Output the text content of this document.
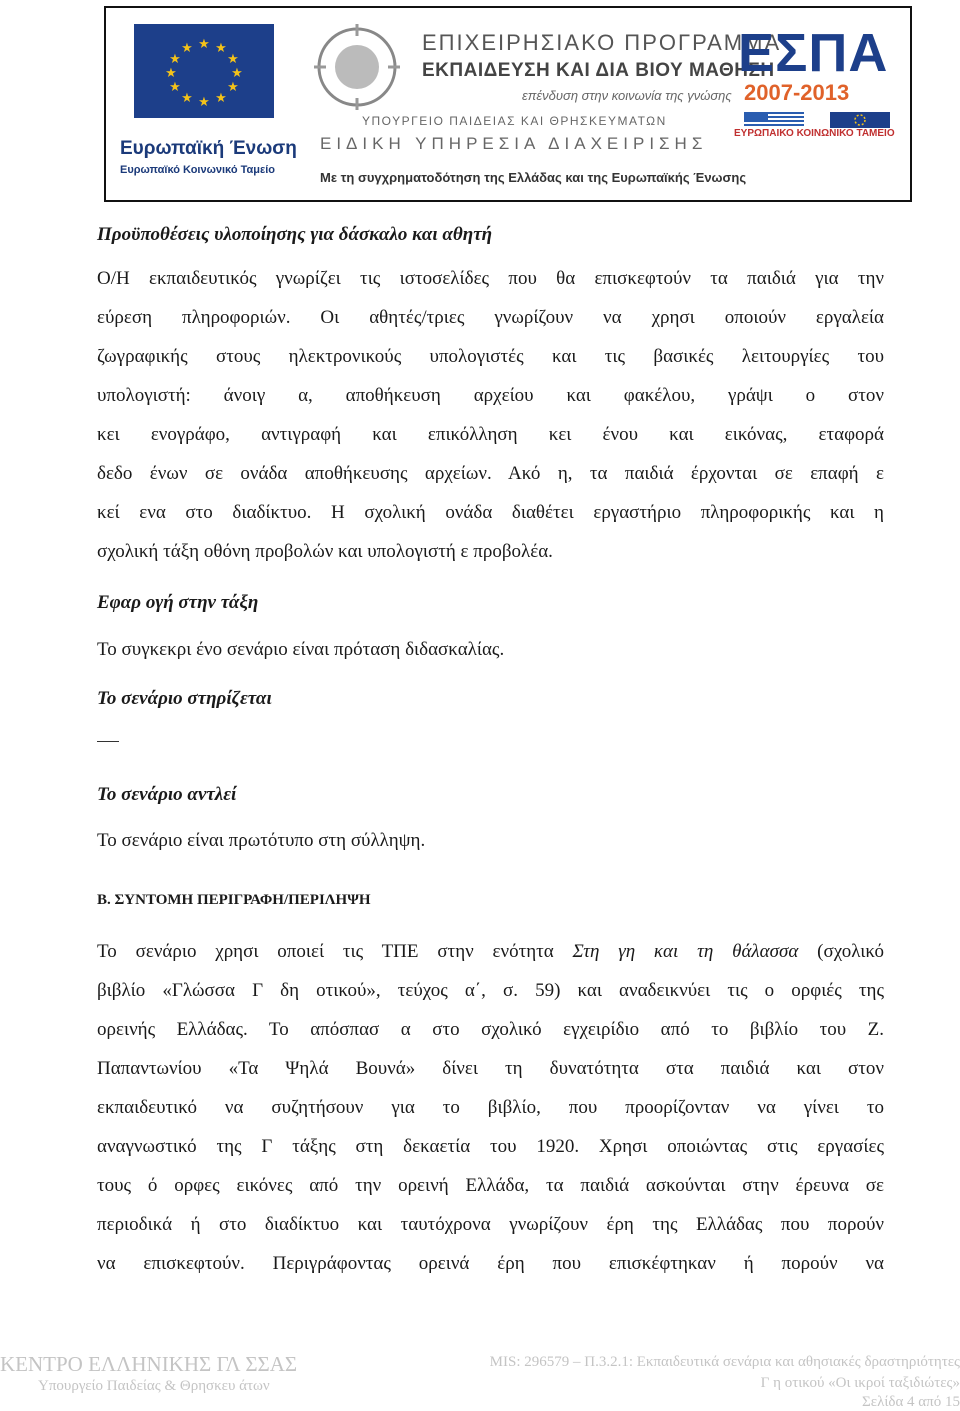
★ ★
★
★
★
★
★
★
★
★
★
★
Ευρωπαϊκή Ένωση
Ευρωπαϊκό Κοινωνικό Ταμείο
ΕΠΙΧΕΙΡΗΣΙΑΚΟ ΠΡΟΓΡΑΜΜΑ
ΕΚΠΑΙΔΕΥΣΗ ΚΑΙ ΔΙΑ ΒΙΟΥ ΜΑΘΗΣΗ
επένδυση στην κοινωνία της γνώσης
ΥΠΟΥΡΓΕΙΟ ΠΑΙΔΕΙΑΣ ΚΑΙ ΘΡΗΣΚΕΥΜΑΤΩΝ
ΕΙΔΙΚΗ ΥΠΗΡΕΣΙΑ ΔΙΑΧΕΙΡΙΣΗΣ
Με τη συγχρηματοδότηση της Ελλάδας και της Ευρωπαϊκής Ένωσης
ΕΣΠΑ
2007-2013
ΕΥΡΩΠΑΙΚΟ ΚΟΙΝΩΝΙΚΟ ΤΑΜΕΙΟ
Προϋποθέσεις υλοποίησης για δάσκαλο και αθητή
Ο/Η εκπαιδευτικός γνωρίζει τις ιστοσελίδες που θα επισκεφτούν τα παιδιά για την
εύρεση πληροφοριών. Οι αθητές/τριες γνωρίζουν να χρησι οποιούν εργαλεία
ζωγραφικής στους ηλεκτρονικούς υπολογιστές και τις βασικές λειτουργίες του
υπολογιστή: άνοιγ α, αποθήκευση αρχείου και φακέλου, γράψι ο στον
κει ενογράφο, αντιγραφή και επικόλληση κει ένου και εικόνας, εταφορά
δεδο ένων σε ονάδα αποθήκευσης αρχείων. Ακό η, τα παιδιά έρχονται σε επαφή ε
κεί ενα στο διαδίκτυο. Η σχολική ονάδα διαθέτει εργαστήριο πληροφορικής και η
σχολική τάξη οθόνη προβολών και υπολογιστή ε προβολέα.
Εφαρ ογή στην τάξη
Το συγκεκρι ένο σενάριο είναι πρόταση διδασκαλίας.
Το σενάριο στηρίζεται
Το σενάριο αντλεί
Το σενάριο είναι πρωτότυπο στη σύλληψη.
Β. ΣΥΝΤΟΜΗ ΠΕΡΙΓΡΑΦΗ/ΠΕΡΙΛΗΨΗ
Το σενάριο χρησι οποιεί τις ΤΠΕ στην ενότητα Στη γη και τη θάλασσα (σχολικό
βιβλίο «Γλώσσα Γ δη οτικού», τεύχος α΄, σ. 59) και αναδεικνύει τις ο ορφιές της
ορεινής Ελλάδας. Το απόσπασ α στο σχολικό εγχειρίδιο από το βιβλίο του Ζ.
Παπαντωνίου «Τα Ψηλά Βουνά» δίνει τη δυνατότητα στα παιδιά και στον
εκπαιδευτικό να συζητήσουν για το βιβλίο, που προορίζονταν να γίνει το
αναγνωστικό της Γ τάξης στη δεκαετία του 1920. Χρησι οποιώντας στις εργασίες
τους ό ορφες εικόνες από την ορεινή Ελλάδα, τα παιδιά ασκούνται στην έρευνα σε
περιοδικά ή στο διαδίκτυο και ταυτόχρονα γνωρίζουν έρη της Ελλάδας που πορούν
να επισκεφτούν. Περιγράφοντας ορεινά έρη που επισκέφτηκαν ή πορούν να
ΚΕΝΤΡΟ ΕΛΛΗΝΙΚΗΣ ΓΛ ΣΣΑΣ
Υπουργείο Παιδείας & Θρησκευ άτων
MIS: 296579 – Π.3.2.1: Εκπαιδευτικά σενάρια και αθησιακές δραστηριότητες
Γ η οτικού «Οι ικροί ταξιδιώτες»
Σελίδα 4 από 15
